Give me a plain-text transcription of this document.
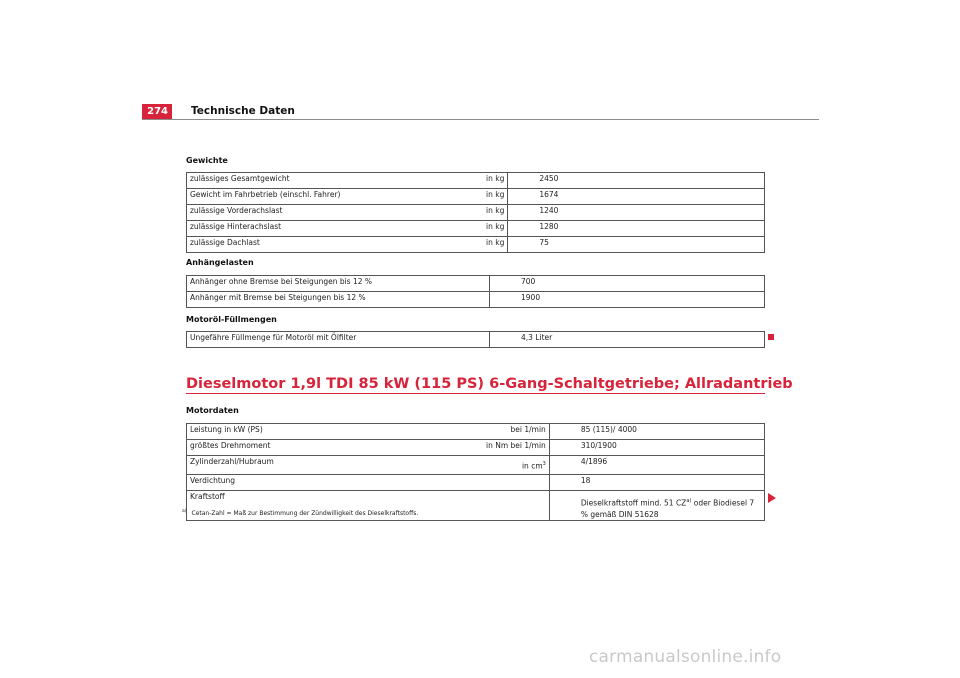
274	Technische Daten
Gewichte
zulässiges Gesamtgewicht	in kg	2450
Gewicht im Fahrbetrieb (einschl. Fahrer)	in kg	1674
zulässige Vorderachslast	in kg	1240
zulässige Hinterachslast	in kg	1280
zulässige Dachlast	in kg	75
Anhängelasten
Anhänger ohne Bremse bei Steigungen bis 12 %		700
Anhänger mit Bremse bei Steigungen bis 12 %		1900
Motoröl-Füllmengen
Ungefähre Füllmenge für Motoröl mit Ölfilter		4,3 Liter
Dieselmotor 1,9l TDI 85 kW (115 PS) 6-Gang-Schaltgetriebe; Allradantrieb
Motordaten
Leistung in kW (PS)	bei 1/min	85 (115)/ 4000
größtes Drehmoment	in Nm bei 1/min	310/1900
Zylinderzahl/Hubraum	in $cm^3$	4/1896
Verdichtung		18
Kraftstoff		Dieselkraftstoff mind. 51 CZ$^{a)}$ oder Biodiesel 7 % gemäß DIN 51628
$^{a)}$ Cetan-Zahl = Maß zur Bestimmung der Zündwilligkeit des Dieselkraftstoffs.
carmanualsonline.info
